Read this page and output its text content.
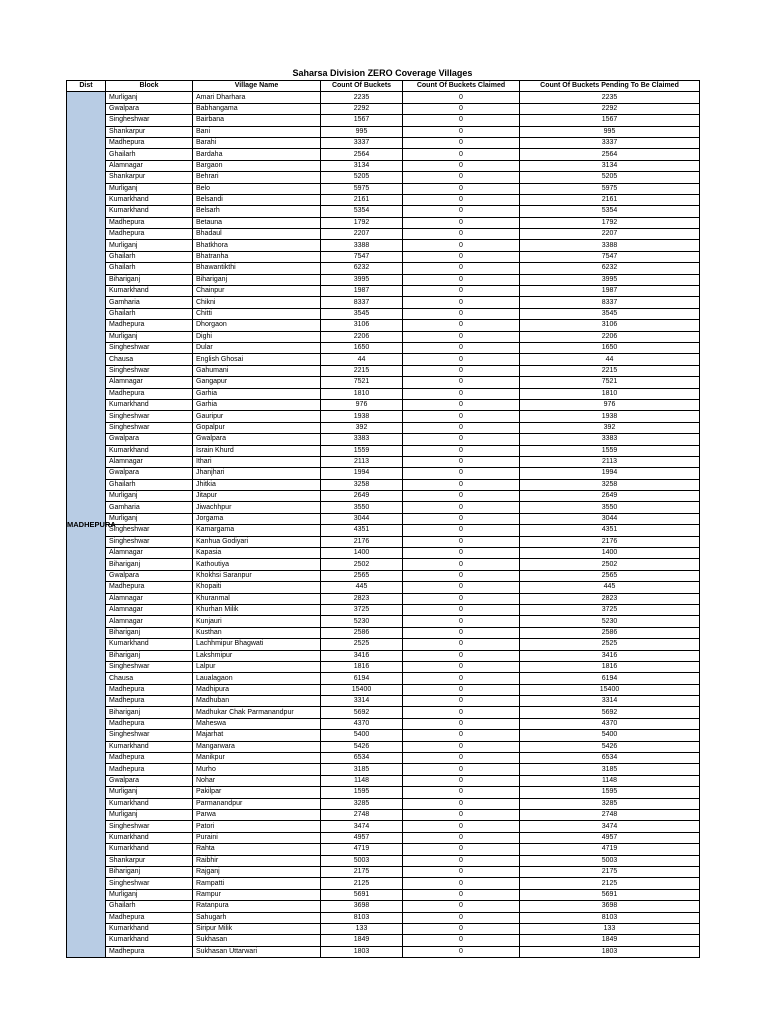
Saharsa Division ZERO Coverage Villages
Dist	Block	Village Name	Count Of Buckets	Count Of Buckets Claimed	Count Of Buckets Pending To Be Claimed
MADHEPURA	Murliganj	Amari Dharhara	2235	0	2235
	Gwalpara	Babhangama	2292	0	2292
	Singheshwar	Bairbana	1567	0	1567
	Shankarpur	Bani	995	0	995
	Madhepura	Barahi	3337	0	3337
	Ghailarh	Bardaha	2564	0	2564
	Alamnagar	Bargaon	3134	0	3134
	Shankarpur	Behrari	5205	0	5205
	Murliganj	Belo	5975	0	5975
	Kumarkhand	Belsandi	2161	0	2161
	Kumarkhand	Belsarh	5354	0	5354
	Madhepura	Betauna	1792	0	1792
	Madhepura	Bhadaul	2207	0	2207
	Murliganj	Bhatkhora	3388	0	3388
	Ghailarh	Bhatranha	7547	0	7547
	Ghailarh	Bhawantikthi	6232	0	6232
	Bihariganj	Bihariganj	3995	0	3995
	Kumarkhand	Chainpur	1987	0	1987
	Gamharia	Chikni	8337	0	8337
	Ghailarh	Chitti	3545	0	3545
	Madhepura	Dhorgaon	3106	0	3106
	Murliganj	Dighi	2206	0	2206
	Singheshwar	Dular	1650	0	1650
	Chausa	English Ghosai	44	0	44
	Singheshwar	Gahumani	2215	0	2215
	Alamnagar	Gangapur	7521	0	7521
	Madhepura	Garhia	1810	0	1810
	Kumarkhand	Garhia	976	0	976
	Singheshwar	Gauripur	1938	0	1938
	Singheshwar	Gopalpur	392	0	392
	Gwalpara	Gwalpara	3383	0	3383
	Kumarkhand	Israin Khurd	1559	0	1559
	Alamnagar	Ithari	2113	0	2113
	Gwalpara	Jhanjhari	1994	0	1994
	Ghailarh	Jhitkia	3258	0	3258
	Murliganj	Jitapur	2649	0	2649
	Gamharia	Jiwachhpur	3550	0	3550
	Murliganj	Jorgama	3044	0	3044
	Singheshwar	Kamargama	4351	0	4351
	Singheshwar	Kanhua Godiyari	2176	0	2176
	Alamnagar	Kapasia	1400	0	1400
	Bihariganj	Kathoutiya	2502	0	2502
	Gwalpara	Khokhsi Saranpur	2565	0	2565
	Madhepura	Khopaiti	445	0	445
	Alamnagar	Khuranmal	2823	0	2823
	Alamnagar	Khurhan Milik	3725	0	3725
	Alamnagar	Kunjauri	5230	0	5230
	Bihariganj	Kusthan	2586	0	2586
	Kumarkhand	Lachhmipur Bhagwati	2525	0	2525
	Bihariganj	Lakshmipur	3416	0	3416
	Singheshwar	Lalpur	1816	0	1816
	Chausa	Laualagaon	6194	0	6194
	Madhepura	Madhipura	15400	0	15400
	Madhepura	Madhuban	3314	0	3314
	Bihariganj	Madhukar Chak Parmanandpur	5692	0	5692
	Madhepura	Maheswa	4370	0	4370
	Singheshwar	Majarhat	5400	0	5400
	Kumarkhand	Mangarwara	5426	0	5426
	Madhepura	Manikpur	6534	0	6534
	Madhepura	Murho	3185	0	3185
	Gwalpara	Nohar	1148	0	1148
	Murliganj	Pakilpar	1595	0	1595
	Kumarkhand	Parmanandpur	3285	0	3285
	Murliganj	Parwa	2748	0	2748
	Singheshwar	Patori	3474	0	3474
	Kumarkhand	Puraini	4957	0	4957
	Kumarkhand	Rahta	4719	0	4719
	Shankarpur	Raibhir	5003	0	5003
	Bihariganj	Rajganj	2175	0	2175
	Singheshwar	Rampatti	2125	0	2125
	Murliganj	Rampur	5691	0	5691
	Ghailarh	Ratanpura	3698	0	3698
	Madhepura	Sahugarh	8103	0	8103
	Kumarkhand	Siripur Milik	133	0	133
	Kumarkhand	Sukhasan	1849	0	1849
	Madhepura	Sukhasan Uttarwari	1803	0	1803
